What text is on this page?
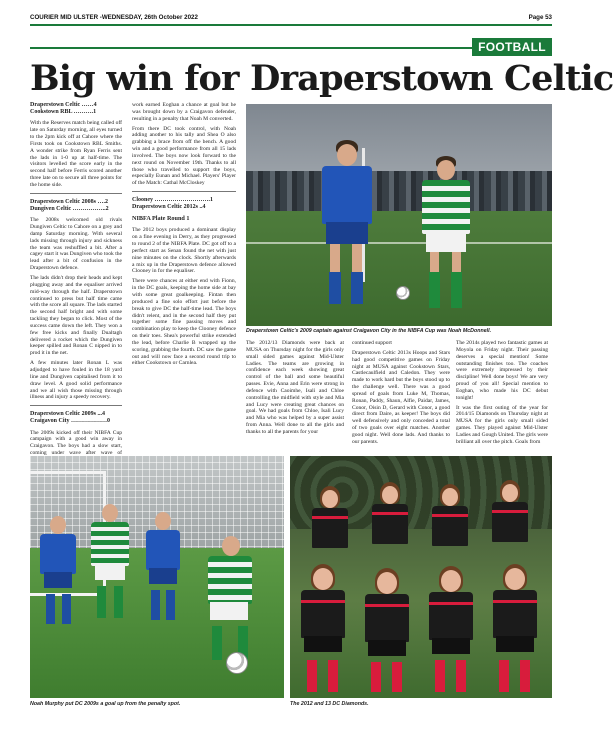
COURIER MID ULSTER -WEDNESDAY, 26th October 2022	Page 53
FOOTBALL
Big win for Draperstown Celtic

Draperstown Celtic ……4

Cookstown RBL ……….1

With the Reserves match being called off late on Saturday morning, all eyes turned to the 2pm kick off at Cahore where the Firsts took on Cookstown RBL Smiths. A wonder strike from Ryan Ferris sent the lads in 1-0 up at half-time. The visitors levelled the score early in the second half before Ferris scored another three late on to secure all three points for the home side.

Draperstown Celtic 2008s ….2

Dungiven Celtic ……………..2

The 2008s welcomed old rivals Dungiven Celtic to Cahore on a grey and damp Saturday morning. With several lads missing through injury and sickness the team was reshuffled a bit. After a cagey start it was Dungiven who took the lead after a bit of confusion in the Draperstown defence.

The lads didn't drop their heads and kept plugging away and the equaliser arrived mid-way through the half. Draperstown continued to press but half time came with the score all square. The lads started the second half bright and with some tackling they began to click. Most of the success came down the left. They won a few free kicks and finally Dualtagh delivered a rocket which the Dungiven keeper spilled and Ronan C nipped in to prod it in the net.

A few minutes later Ronan L was adjudged to have fouled in the 18 yard line and Dungiven capitalised from it to draw level. A good solid performance and we all wish those missing through illness and injury a speedy recovery.

Draperstown Celtic 2009s ...4

Craigavon City ………………0

The 2009s kicked off their NIBFA Cup campaign with a good win away in Craigavon. The boys had a slow start, coming under wave after wave of

work earned Eoghan a chance at goal but he was brought down by a Craigavon defender, resulting in a penalty that Noah M converted.

From there DC took control, with Noah adding another to his tally and Shea O also grabbing a brace from off the bench. A good win and a good performance from all 15 lads involved. The boys now look forward to the next round on November 19th. Thanks to all those who travelled to support the boys, especially Eunan and Michael. Players' Player of the Match: Cathal McCloskey

Clooney ……………………….1

Draperstown Celtic 2012s ..4

NIBFA Plate Round 1

The 2012 boys produced a dominant display on a fine evening in Derry, as they progressed to round 2 of the NIBFA Plate. DC got off to a perfect start as Senan found the net with just nine minutes on the clock. Shortly afterwards a mix up in the Draperstown defence allowed Clooney in for the equaliser.

There were chances at either end with Fionn, in the DC goals, keeping the home side at bay with some great goalkeeping. Fintan then produced a fine solo effort just before the break to give DC the half-time lead. The boys didn't relent, and in the second half they put together some fine passing moves and combination play to keep the Clooney defence on their toes. Shea's powerful strike extended the lead, before Charlie B wrapped up the scoring, grabbing the fourth. DC saw the game out and will now face a second round trip to either Cookstown or Carnlea.

Draperstown Celtic's 2009 captain against Craigavon City in the NIBFA Cup was Noah McDonnell.

The 2012/13 Diamonds were back at MUSA on Thursday night for the girls only small sided games against Mid-Ulster Ladies. The teams are growing in confidence each week showing great control of the ball and some beautiful passes. Evie, Anna and Erin were strong in defence with Caoimhe, Isali and Chloe controlling the midfield with style and Mia and Lucy were creating great chances on goal. We had goals from Chloe, Isali Lucy and Mia who was helped by a super assist from Anna. Well done to all the girls and thanks to all the parents for your

continued support

Draperstown Celtic 2013s Hoops and Stars had good competitive games on Friday night at MUSA against Cookstown Stars, Castlecaulfield and Caledon. They were made to work hard but the boys stood up to the challenge well. There was a good spread of goals from Luke M, Thomas, Ronan, Paddy, Shaun, Alfie, Paidar, James, Conor, Oisin D, Gerard with Conor, a good direct from Daire, as keeper! The boys did well defensively and only conceded a total of two goals over eight matches. Another good night. Well done lads. And thanks to our parents.

The 2014s played two fantastic games at Moyola on Friday night. Their passing deserves a special mention! Some outstanding finishes too. The coaches were extremely impressed by their discipline! Well done boys! We are very proud of you all! Special mention to Eoghan, who made his DC debut tonight!

It was the first outing of the year for 2014/15 Diamonds on Thursday night at MUSA for the girls only small sided games. They played against Mid-Ulster Ladies and Gough United. The girls were brilliant all over the pitch. Goals from

Noah Murphy put DC 2009s a goal up from the penalty spot.	The 2012 and 13 DC Diamonds.
